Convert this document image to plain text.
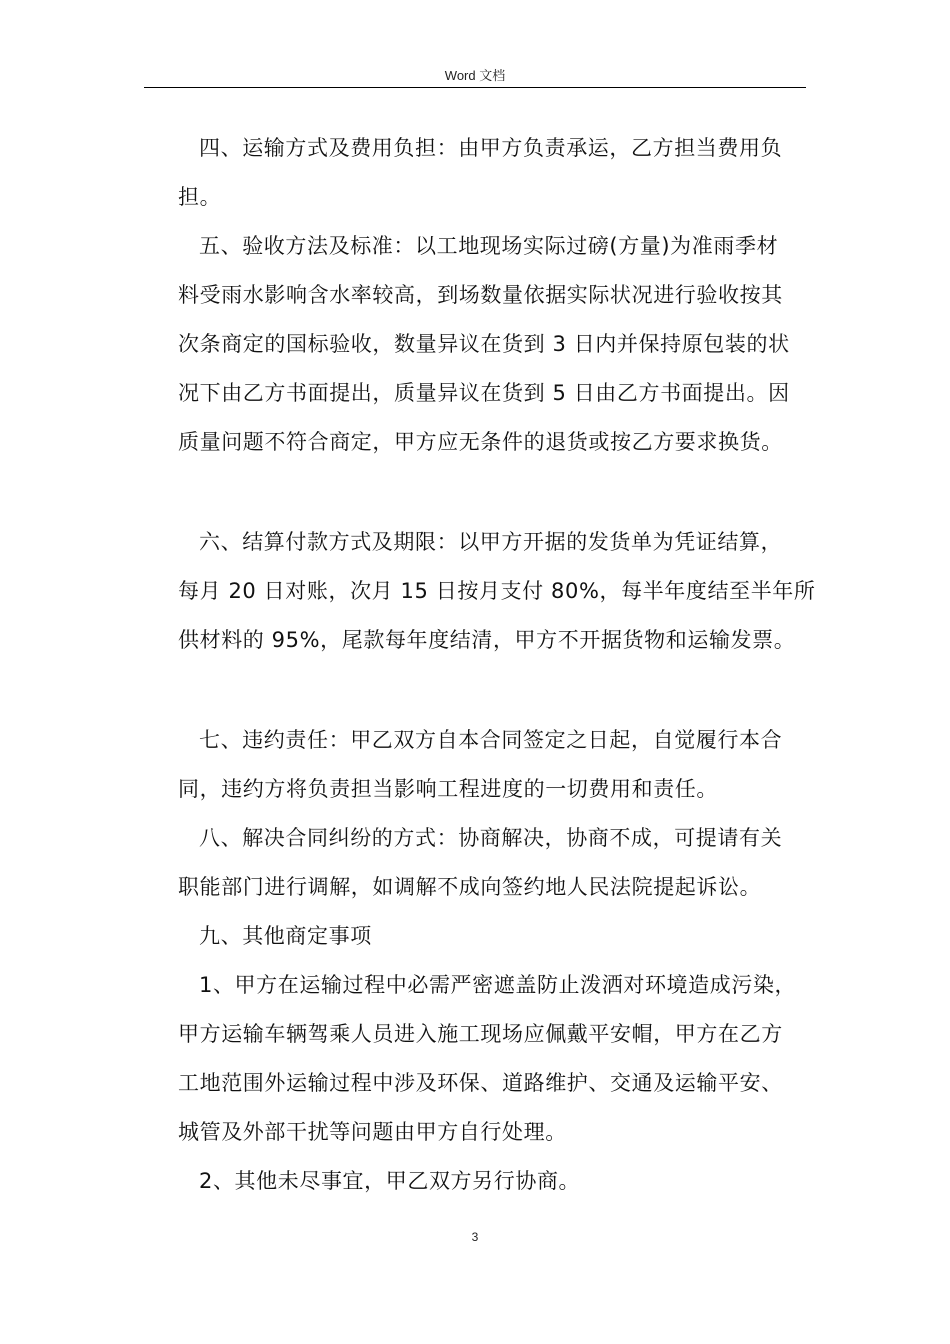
Word 文档
四、运输方式及费用负担：由甲方负责承运，乙方担当费用负
担。
五、验收方法及标准：以工地现场实际过磅(方量)为准雨季材
料受雨水影响含水率较高，到场数量依据实际状况进行验收按其
次条商定的国标验收，数量异议在货到 3 日内并保持原包装的状
况下由乙方书面提出，质量异议在货到 5 日由乙方书面提出。因
质量问题不符合商定，甲方应无条件的退货或按乙方要求换货。
六、结算付款方式及期限：以甲方开据的发货单为凭证结算，
每月 20 日对账，次月 15 日按月支付 80%，每半年度结至半年所
供材料的 95%，尾款每年度结清，甲方不开据货物和运输发票。
七、违约责任：甲乙双方自本合同签定之日起，自觉履行本合
同，违约方将负责担当影响工程进度的一切费用和责任。
八、解决合同纠纷的方式：协商解决，协商不成，可提请有关
职能部门进行调解，如调解不成向签约地人民法院提起诉讼。
九、其他商定事项
1、甲方在运输过程中必需严密遮盖防止泼洒对环境造成污染，
甲方运输车辆驾乘人员进入施工现场应佩戴平安帽，甲方在乙方
工地范围外运输过程中涉及环保、道路维护、交通及运输平安、
城管及外部干扰等问题由甲方自行处理。
2、其他未尽事宜，甲乙双方另行协商。
3
